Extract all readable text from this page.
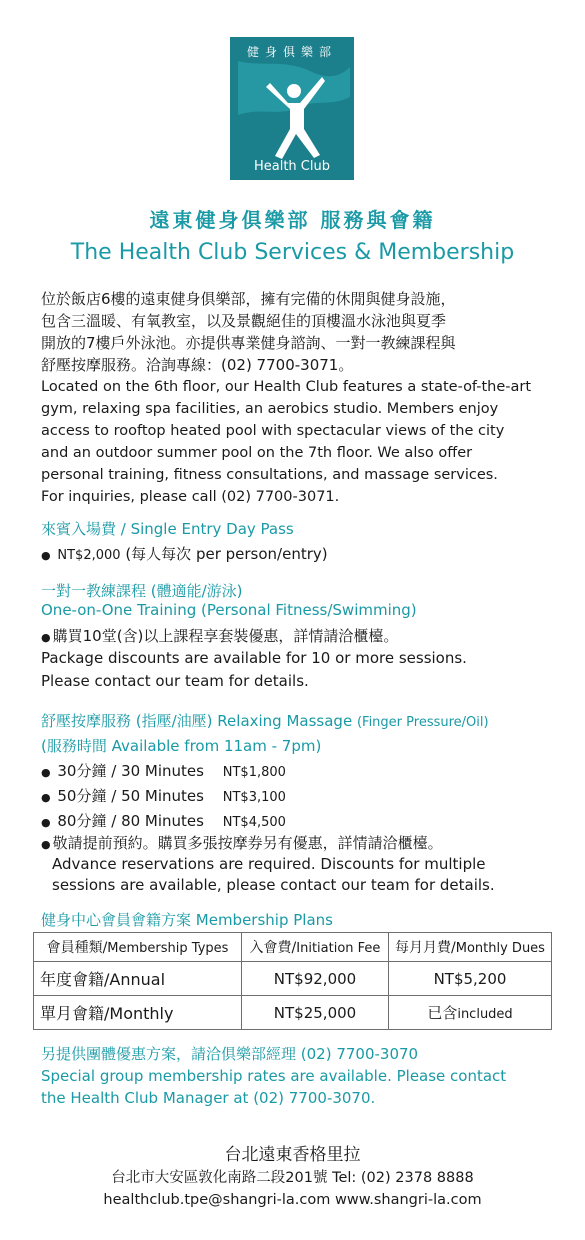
健身俱樂部
Health Club
遠東健身俱樂部 服務與會籍
The Health Club Services & Membership
位於飯店6樓的遠東健身俱樂部，擁有完備的休閒與健身設施，
包含三溫暖、有氧教室，以及景觀絕佳的頂樓溫水泳池與夏季
開放的7樓戶外泳池。亦提供專業健身諮詢、一對一教練課程與
舒壓按摩服務。洽詢專線：(02) 7700-3071。
Located on the 6th floor, our Health Club features a state-of-the-art
gym, relaxing spa facilities, an aerobics studio. Members enjoy
access to rooftop heated pool with spectacular views of the city
and an outdoor summer pool on the 7th floor. We also offer
personal training, fitness consultations, and massage services.
For inquiries, please call (02) 7700-3071.
來賓入場費 / Single Entry Day Pass
● NT$2,000 (每人每次 per person/entry)
一對一教練課程 (體適能/游泳)
One-on-One Training (Personal Fitness/Swimming)
● 購買10堂(含)以上課程享套裝優惠，詳情請洽櫃檯。
Package discounts are available for 10 or more sessions.
Please contact our team for details.
舒壓按摩服務 (指壓/油壓) Relaxing Massage (Finger Pressure/Oil)
(服務時間 Available from 11am - 7pm)
● 30分鐘 / 30 Minutes NT$1,800
● 50分鐘 / 50 Minutes NT$3,100
● 80分鐘 / 80 Minutes NT$4,500
● 敬請提前預約。購買多張按摩券另有優惠，詳情請洽櫃檯。
Advance reservations are required. Discounts for multiple
sessions are available, please contact our team for details.
健身中心會員會籍方案 Membership Plans
會員種類/Membership Types	入會費/Initiation Fee	每月月費/Monthly Dues
年度會籍/Annual	NT$92,000	NT$5,200
單月會籍/Monthly	NT$25,000	已含included
另提供團體優惠方案，請洽俱樂部經理 (02) 7700-3070
Special group membership rates are available. Please contact
the Health Club Manager at (02) 7700-3070.
台北遠東香格里拉
台北市大安區敦化南路二段201號 Tel: (02) 2378 8888
healthclub.tpe@shangri-la.com www.shangri-la.com
